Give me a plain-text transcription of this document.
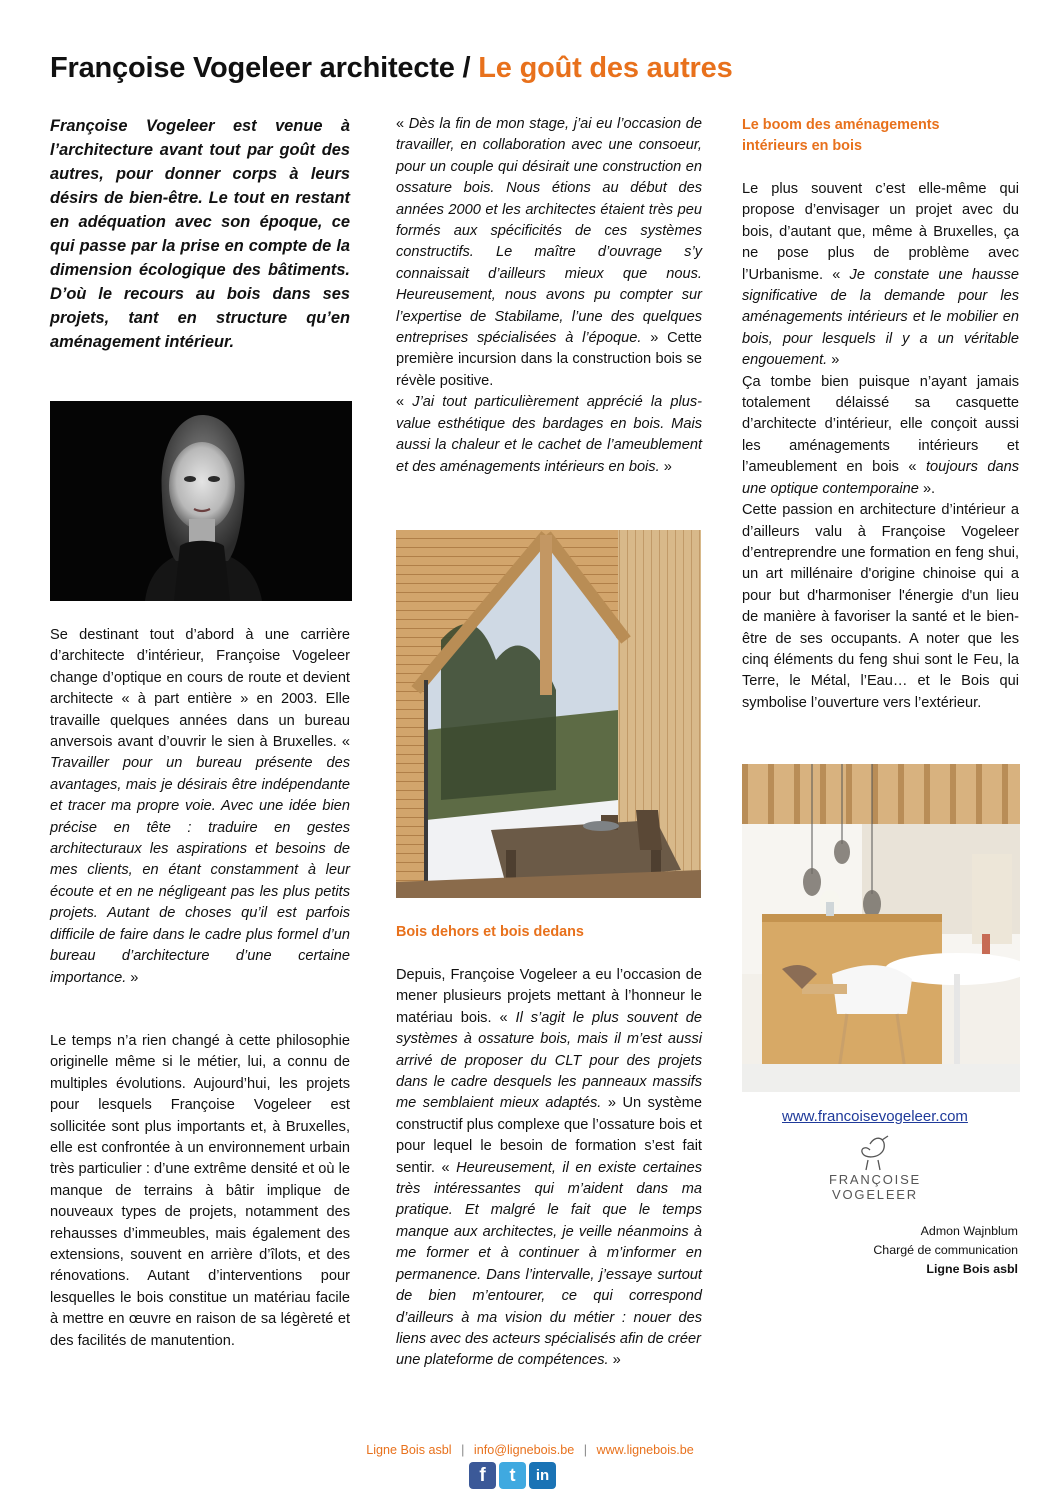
Françoise Vogeleer architecte / Le goût des autres

Françoise Vogeleer est venue à l’architecture avant tout par goût des autres, pour donner corps à leurs désirs de bien-être. Le tout en restant en adéquation avec son époque, ce qui passe par la prise en compte de la dimension écologique des bâtiments. D’où le recours au bois dans ses projets, tant en structure qu’en aménagement intérieur.

Se destinant tout d’abord à une carrière d’architecte d’intérieur, Françoise Vogeleer change d’optique en cours de route et devient architecte « à part entière » en 2003. Elle travaille quelques années dans un bureau anversois avant d’ouvrir le sien à Bruxelles. « Travailler pour un bureau présente des avantages, mais je désirais être indépendante et tracer ma propre voie. Avec une idée bien précise en tête : traduire en gestes architecturaux les aspirations et besoins de mes clients, en étant constamment à leur écoute et en ne négligeant pas les plus petits projets. Autant de choses qu’il est parfois difficile de faire dans le cadre plus formel d’un bureau d’architecture d’une certaine importance. »

Le temps n’a rien changé à cette philosophie originelle même si le métier, lui, a connu de multiples évolutions. Aujourd’hui, les projets pour lesquels Françoise Vogeleer est sollicitée sont plus importants et, à Bruxelles, elle est confrontée à un environnement urbain très particulier : d’une extrême densité et où le manque de terrains à bâtir implique de nouveaux types de projets, notamment des rehausses d’immeubles, mais également des extensions, souvent en arrière d’îlots, et des rénovations. Autant d’interventions pour lesquelles le bois constitue un matériau facile à mettre en œuvre en raison de sa légèreté et des facilités de manutention.

« Dès la fin de mon stage, j’ai eu l’occasion de travailler, en collaboration avec une consoeur, pour un couple qui désirait une construction en ossature bois. Nous étions au début des années 2000 et les architectes étaient très peu formés aux spécificités de ces systèmes constructifs. Le maître d’ouvrage s’y connaissait d’ailleurs mieux que nous. Heureusement, nous avons pu compter sur l’expertise de Stabilame, l’une des quelques entreprises spécialisées à l’époque. » Cette première incursion dans la construction bois se révèle positive.
« J’ai tout particulièrement apprécié la plus-value esthétique des bardages en bois. Mais aussi la chaleur et le cachet de l’ameublement et des aménagements intérieurs en bois. »

Bois dehors et bois dedans

Depuis, Françoise Vogeleer a eu l’occasion de mener plusieurs projets mettant à l’honneur le matériau bois. « Il s’agit le plus souvent de systèmes à ossature bois, mais il m’est aussi arrivé de proposer du CLT pour des projets dans le cadre desquels les panneaux massifs me semblaient mieux adaptés. » Un système constructif plus complexe que l’ossature bois et pour lequel le besoin de formation s’est fait sentir. « Heureusement, il en existe certaines très intéressantes qui m’aident dans ma pratique. Et malgré le fait que le temps manque aux architectes, je veille néanmoins à me former et à continuer à m’informer en permanence. Dans l’intervalle, j’essaye surtout de bien m’entourer, ce qui correspond d’ailleurs à ma vision du métier : nouer des liens avec des acteurs spécialisés afin de créer
une plateforme de compétences. »

Le boom des aménagements intérieurs en bois

Le plus souvent c’est elle-même qui propose d’envisager un projet avec du bois, d’autant que, même à Bruxelles, ça ne pose plus de problème avec l’Urbanisme. « Je constate une hausse significative de la demande pour les aménagements intérieurs et le mobilier en bois, pour lesquels il y a un véritable engouement. »
Ça tombe bien puisque n’ayant jamais totalement délaissé sa casquette d’architecte d’intérieur, elle conçoit aussi les aménagements intérieurs et l’ameublement en bois « toujours dans une optique contemporaine ».
Cette passion en architecture d’intérieur a d’ailleurs valu à Françoise Vogeleer d’entreprendre une formation en feng shui, un art millénaire d'origine chinoise qui a pour but d'harmoniser l'énergie d'un lieu de manière à favoriser la santé et le bien-être de ses occupants. A noter que les cinq éléments du feng shui sont le Feu, la Terre, le Métal, l’Eau… et le Bois qui symbolise l’ouverture vers l’extérieur.

www.francoisevogeleer.com
FRANÇOISE VOGELEER
Admon Wajnblum
Chargé de communication
Ligne Bois asbl
Ligne Bois asbl | info@lignebois.be | www.lignebois.be
f	t	in
